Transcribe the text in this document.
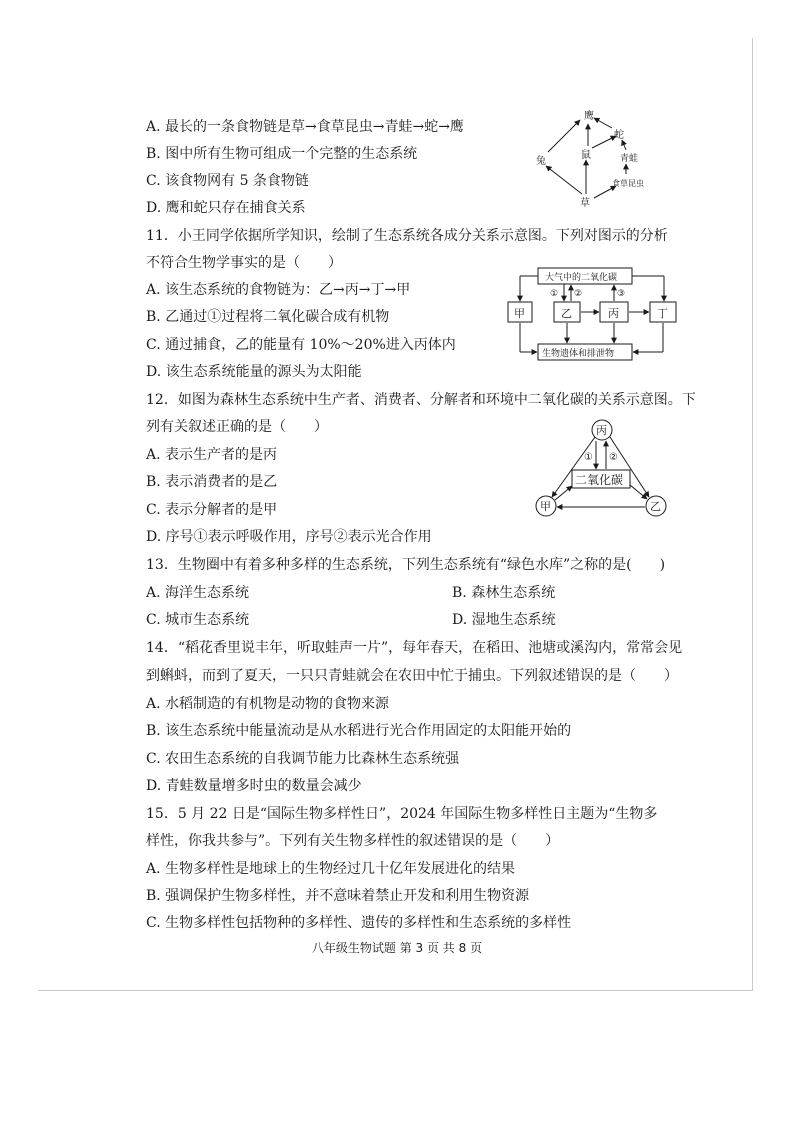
A. 最长的一条食物链是草→食草昆虫→青蛙→蛇→鹰
B. 图中所有生物可组成一个完整的生态系统
C. 该食物网有 5 条食物链
D. 鹰和蛇只存在捕食关系
鹰
蛇
青蛙
兔
鼠
食草昆虫
草
11．小王同学依据所学知识，绘制了生态系统各成分关系示意图。下列对图示的分析
不符合生物学事实的是（　　）
A. 该生态系统的食物链为：乙→丙→丁→甲
B. 乙通过①过程将二氧化碳合成有机物
C. 通过捕食，乙的能量有 10%～20%进入丙体内
D. 该生态系统能量的源头为太阳能
大气中的二氧化碳
甲	乙	丙	丁
生物遗体和排泄物
① ②	③
12．如图为森林生态系统中生产者、消费者、分解者和环境中二氧化碳的关系示意图。下
列有关叙述正确的是（　　）
A. 表示生产者的是丙
B. 表示消费者的是乙
C. 表示分解者的是甲
D. 序号①表示呼吸作用，序号②表示光合作用
丙
甲	乙
二氧化碳
① ②
13．生物圈中有着多种多样的生态系统，下列生态系统有“绿色水库”之称的是(　　)
A. 海洋生态系统	B. 森林生态系统
C. 城市生态系统	D. 湿地生态系统
14．“稻花香里说丰年，听取蛙声一片”，每年春天，在稻田、池塘或溪沟内，常常会见
到蝌蚪，而到了夏天，一只只青蛙就会在农田中忙于捕虫。下列叙述错误的是（　　）
A. 水稻制造的有机物是动物的食物来源
B. 该生态系统中能量流动是从水稻进行光合作用固定的太阳能开始的
C. 农田生态系统的自我调节能力比森林生态系统强
D. 青蛙数量增多时虫的数量会减少
15．5 月 22 日是“国际生物多样性日”，2024 年国际生物多样性日主题为“生物多
样性，你我共参与”。下列有关生物多样性的叙述错误的是（　　）
A. 生物多样性是地球上的生物经过几十亿年发展进化的结果
B. 强调保护生物多样性，并不意味着禁止开发和利用生物资源
C. 生物多样性包括物种的多样性、遗传的多样性和生态系统的多样性
八年级生物试题 第 3 页 共 8 页
